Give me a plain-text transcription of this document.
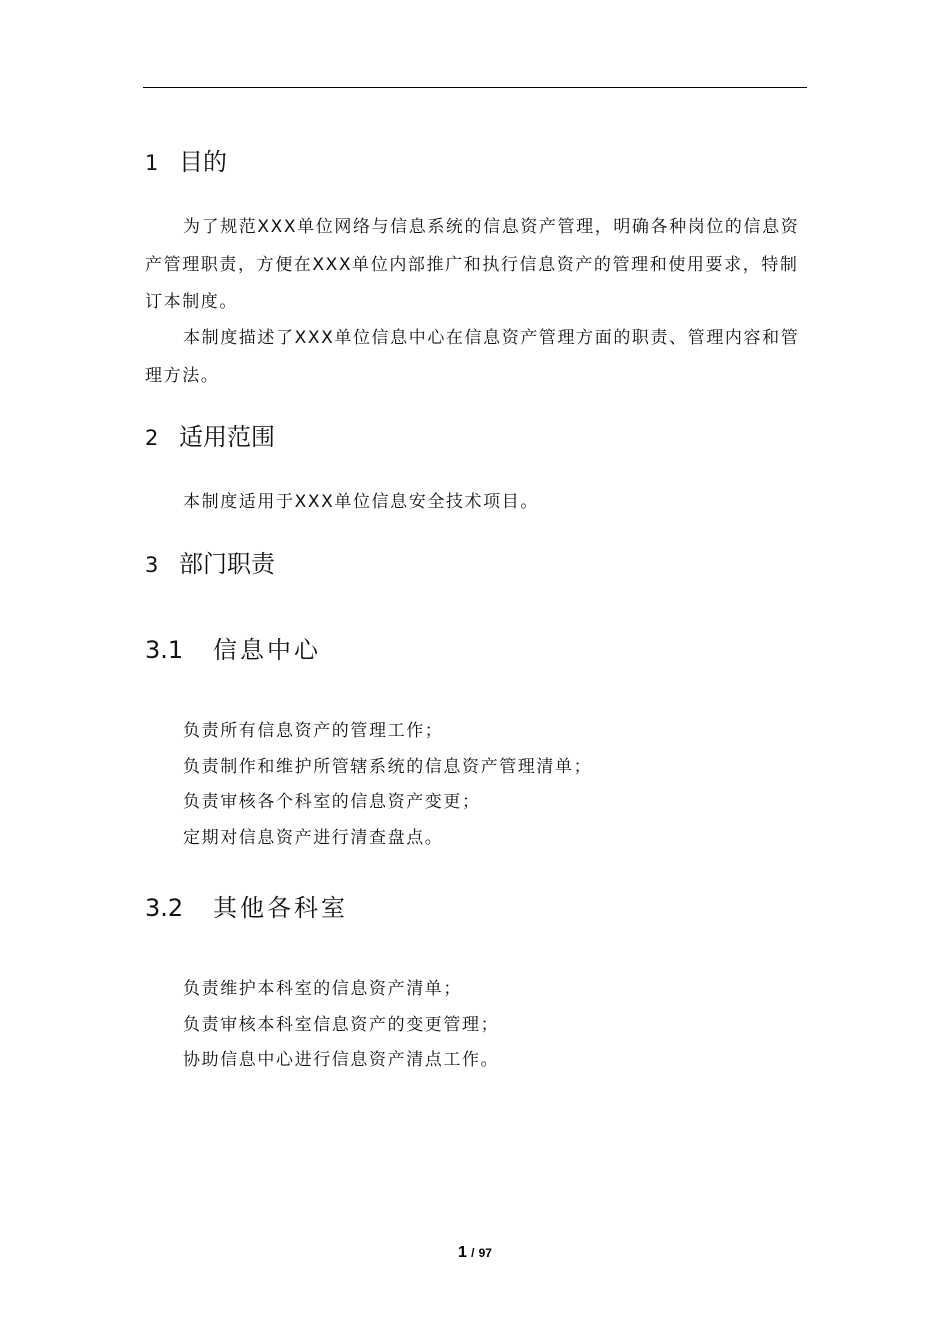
1 目的

为了规范XXX单位网络与信息系统的信息资产管理，明确各种岗位的信息资产管理职责，方便在XXX单位内部推广和执行信息资产的管理和使用要求，特制订本制度。

本制度描述了XXX单位信息中心在信息资产管理方面的职责、管理内容和管理方法。

2 适用范围

本制度适用于XXX单位信息安全技术项目。

3 部门职责
3.1 信息中心
负责所有信息资产的管理工作；
负责制作和维护所管辖系统的信息资产管理清单；
负责审核各个科室的信息资产变更；
定期对信息资产进行清查盘点。
3.2 其他各科室
负责维护本科室的信息资产清单；
负责审核本科室信息资产的变更管理；
协助信息中心进行信息资产清点工作。
1 / 97
